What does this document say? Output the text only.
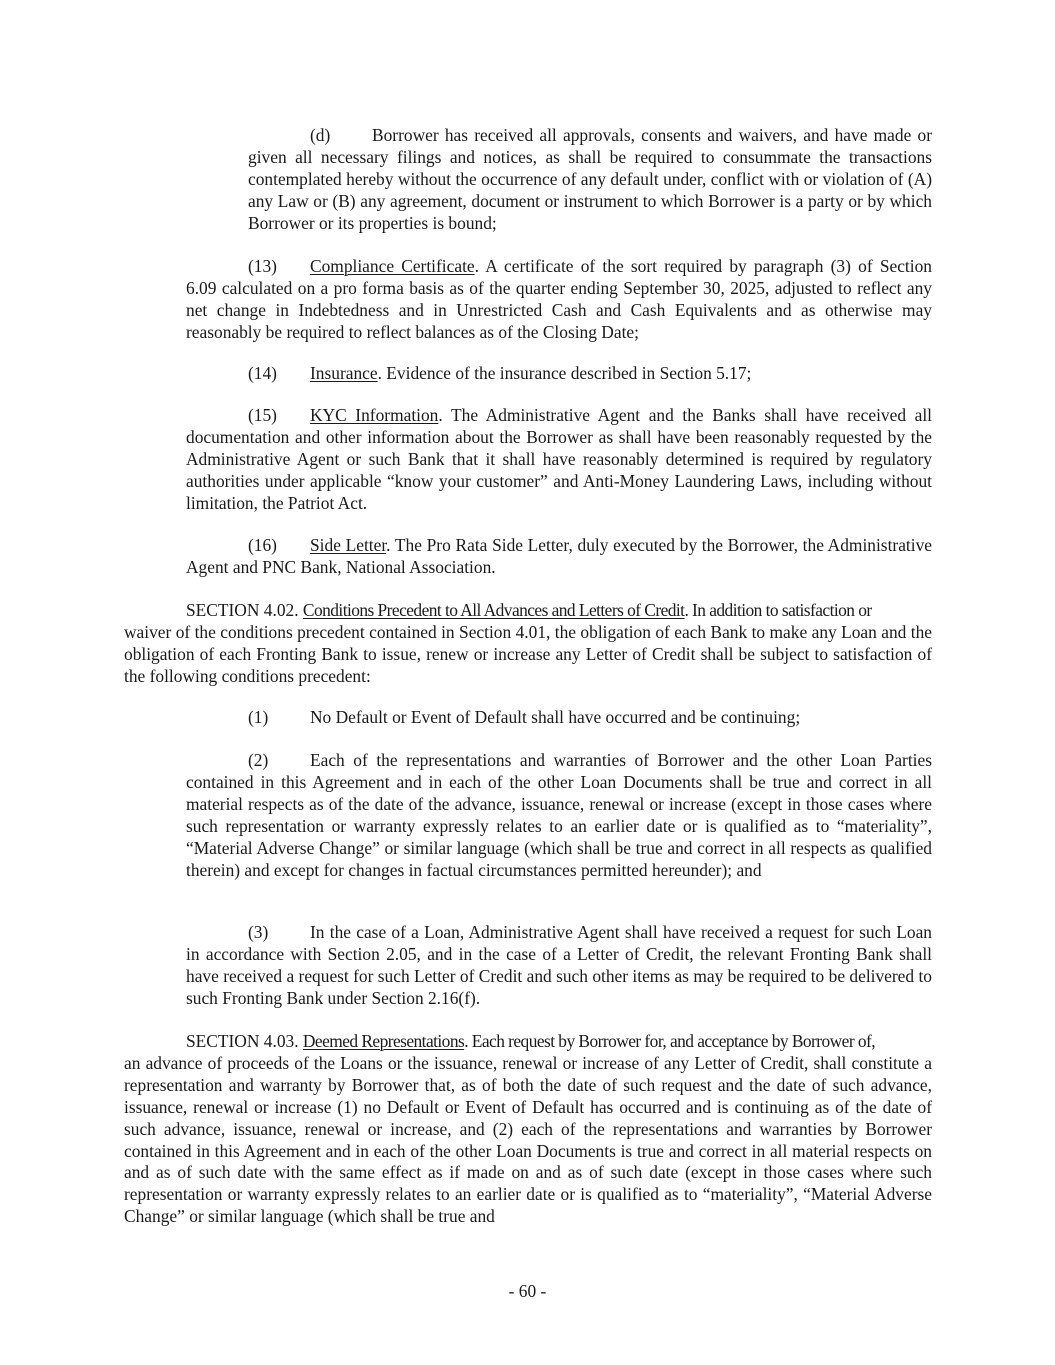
(d) Borrower has received all approvals, consents and waivers, and have made or given all necessary filings and notices, as shall be required to consummate the transactions contemplated hereby without the occurrence of any default under, conflict with or violation of (A) any Law or (B) any agreement, document or instrument to which Borrower is a party or by which Borrower or its properties is bound;
(13) Compliance Certificate. A certificate of the sort required by paragraph (3) of Section 6.09 calculated on a pro forma basis as of the quarter ending September 30, 2025, adjusted to reflect any net change in Indebtedness and in Unrestricted Cash and Cash Equivalents and as otherwise may reasonably be required to reflect balances as of the Closing Date;
(14) Insurance. Evidence of the insurance described in Section 5.17;
(15) KYC Information. The Administrative Agent and the Banks shall have received all documentation and other information about the Borrower as shall have been reasonably requested by the Administrative Agent or such Bank that it shall have reasonably determined is required by regulatory authorities under applicable “know your customer” and Anti-Money Laundering Laws, including without limitation, the Patriot Act.
(16) Side Letter. The Pro Rata Side Letter, duly executed by the Borrower, the Administrative Agent and PNC Bank, National Association.
SECTION 4.02. Conditions Precedent to All Advances and Letters of Credit. In addition to satisfaction or
waiver of the conditions precedent contained in Section 4.01, the obligation of each Bank to make any Loan and the obligation of each Fronting Bank to issue, renew or increase any Letter of Credit shall be subject to satisfaction of the following conditions precedent:
(1) No Default or Event of Default shall have occurred and be continuing;
(2) Each of the representations and warranties of Borrower and the other Loan Parties contained in this Agreement and in each of the other Loan Documents shall be true and correct in all material respects as of the date of the advance, issuance, renewal or increase (except in those cases where such representation or warranty expressly relates to an earlier date or is qualified as to “materiality”, “Material Adverse Change” or similar language (which shall be true and correct in all respects as qualified therein) and except for changes in factual circumstances permitted hereunder); and
(3) In the case of a Loan, Administrative Agent shall have received a request for such Loan in accordance with Section 2.05, and in the case of a Letter of Credit, the relevant Fronting Bank shall have received a request for such Letter of Credit and such other items as may be required to be delivered to such Fronting Bank under Section 2.16(f).
SECTION 4.03. Deemed Representations. Each request by Borrower for, and acceptance by Borrower of,
an advance of proceeds of the Loans or the issuance, renewal or increase of any Letter of Credit, shall constitute a representation and warranty by Borrower that, as of both the date of such request and the date of such advance, issuance, renewal or increase (1) no Default or Event of Default has occurred and is continuing as of the date of such advance, issuance, renewal or increase, and (2) each of the representations and warranties by Borrower contained in this Agreement and in each of the other Loan Documents is true and correct in all material respects on and as of such date with the same effect as if made on and as of such date (except in those cases where such representation or warranty expressly relates to an earlier date or is qualified as to “materiality”, “Material Adverse Change” or similar language (which shall be true and
- 60 -
